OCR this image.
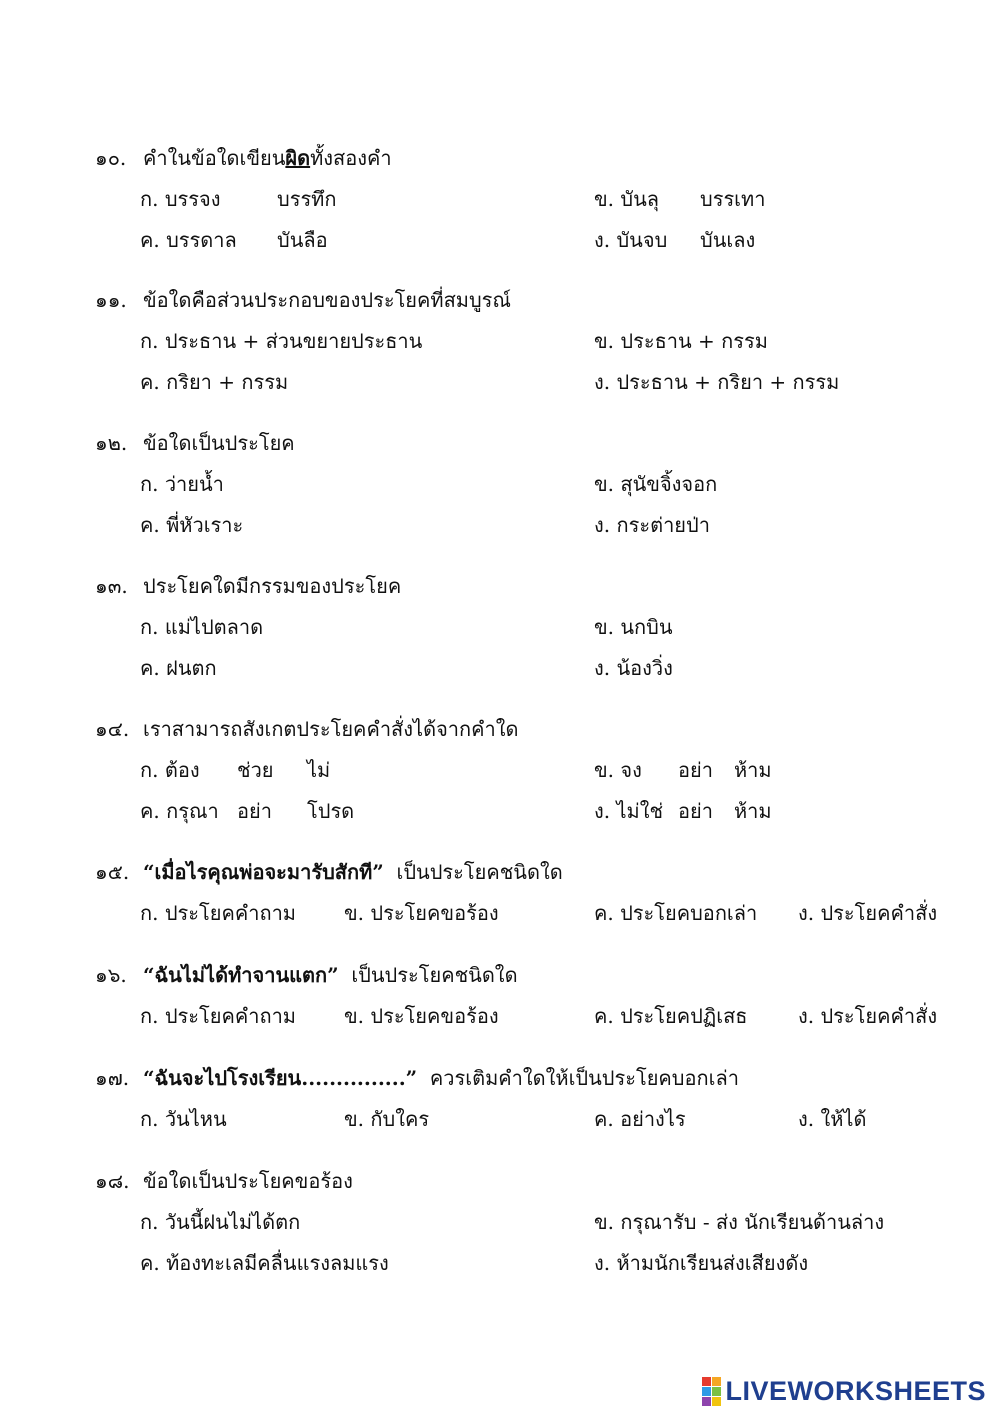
๑๐. คำในข้อใดเขียนผิดทั้งสองคำ
ก. บรรจง	บรรทึก	ข. บันลุ บรรเทา
ค. บรรดาล บันลือ	ง. บันจบ บันเลง
๑๑. ข้อใดคือส่วนประกอบของประโยคที่สมบูรณ์
ก. ประธาน + ส่วนขยายประธาน	ข. ประธาน + กรรม
ค. กริยา + กรรม	ง. ประธาน + กริยา + กรรม
๑๒. ข้อใดเป็นประโยค
ก. ว่ายน้ำ	ข. สุนัขจิ้งจอก
ค. พี่หัวเราะ	ง. กระต่ายป่า
๑๓. ประโยคใดมีกรรมของประโยค
ก. แม่ไปตลาด	ข. นกบิน
ค. ฝนตก	ง. น้องวิ่ง
๑๔. เราสามารถสังเกตประโยคคำสั่งได้จากคำใด
ก. ต้อง ช่วย ไม่	ข. จง อย่า ห้าม
ค. กรุณา อย่า โปรด	ง. ไม่ใช่ อย่า ห้าม
๑๕. “เมื่อไรคุณพ่อจะมารับสักที” เป็นประโยคชนิดใด
ก. ประโยคคำถาม ข. ประโยคขอร้อง	ค. ประโยคบอกเล่า ง. ประโยคคำสั่ง
๑๖. “ฉันไม่ได้ทำจานแตก” เป็นประโยคชนิดใด
ก. ประโยคคำถาม ข. ประโยคขอร้อง	ค. ประโยคปฏิเสธ	ง. ประโยคคำสั่ง
๑๗. “ฉันจะไปโรงเรียน...............” ควรเติมคำใดให้เป็นประโยคบอกเล่า
ก. วันไหน	ข. กับใคร	ค. อย่างไร	ง. ให้ได้
๑๘. ข้อใดเป็นประโยคขอร้อง
ก. วันนี้ฝนไม่ได้ตก	ข. กรุณารับ - ส่ง นักเรียนด้านล่าง
ค. ท้องทะเลมีคลื่นแรงลมแรง	ง. ห้ามนักเรียนส่งเสียงดัง
LIVEWORKSHEETS
